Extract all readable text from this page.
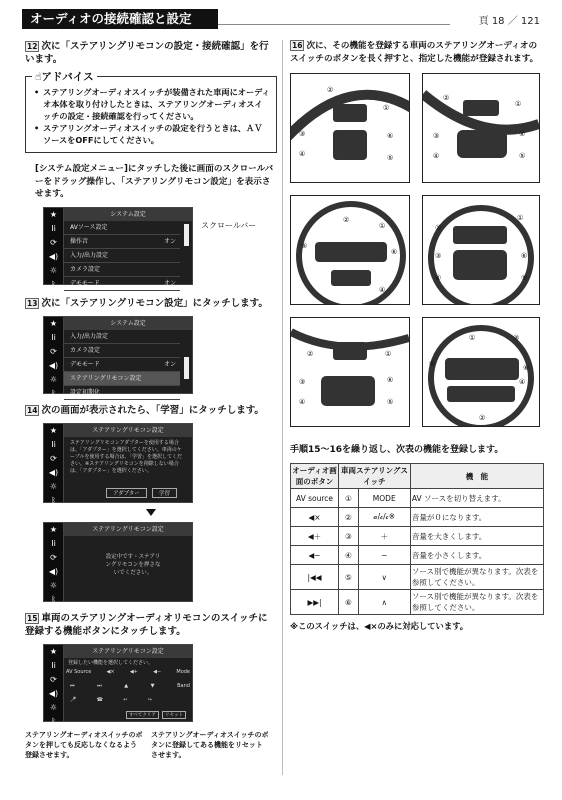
オーディオの接続確認と設定	頁 18 ／ 121
12 次に「ステアリングリモコンの設定・接続確認」を行います。
☝アドバイス
• ステアリングオーディオスイッチが装備された車両にオーディオ本体を取り付けしたときは、ステアリングオーディオスイッチの設定・接続確認を行ってください。
• ステアリングオーディオスイッチの設定を行うときは、ＡＶソースをOFFにしてください。
[システム設定メニュー]にタッチした後に画面のスクロールバーをドラッグ操作し、「ステアリングリモコン設定」を表示させます。
★
Ii
⟳
◀)
☼
ᛒ
システム設定
AVソース設定
操作音	オン
入力/出力設定
カメラ設定
デモモード	オン
スクロールバー
13 次に「ステアリングリモコン設定」にタッチします。
★
Ii
⟳
◀)
☼
ᛒ
システム設定
入力/出力設定
カメラ設定
デモモード	オン
ステアリングリモコン設定
設定初期化
14 次の画面が表示されたら、「学習」にタッチします。
★
Ii
⟳
◀)
☼
ᛒ
ステアリングリモコン設定
ステアリングリモコンアダプターを使用する場合は、「アダプター」を選択してください。車両のケーブルを使用する場合は、「学習」を選択してください。※ステアリングリモコンを削除しない場合は、「アダプター」を選択ください。
アダプター	学習
★
Ii
⟳
◀)
☼
ᛒ
ステアリングリモコン設定
設定中です・ステアリングリモコンを押さないでください。
15 車両のステアリングオーディオリモコンのスイッチに登録する機能ボタンにタッチします。
★
Ii
⟳
◀)
☼
ᛒ
ステアリングリモコン設定
登録したい機能を選択してください。
AV Source	◀×	◀+	◀−	Mode
⏮	⏭	▲	▼	Band
🎤	☎	↩	↪
すべてクリア	リセット
ステアリングオーディオスイッチのボタンを押しても反応しなくなるよう登録させます。
ステアリングオーディオスイッチのボタンに登録してある機能をリセットさせます。
16 次に、その機能を登録する車両のステアリングオーディオのスイッチのボタンを長く押すと、指定した機能が登録されます。
①
②
③
④	⑤
⑥
①
②
③
④	⑤
⑥
①
②
⑤
⑥
④
①
②
③
④	⑤
⑥
①
②
③
④	⑤
⑥
①	③
⑤	⑥
④
②
手順15～16を繰り返し、次表の機能を登録します。
オーディオ画面のボタン	車両ステアリングスイッチ		機　能
AV source	①	MODE	AV ソースを切り替えます。
◀×	②	𝒶/𝒸/𝒸※	音量が０になります。
◀＋	③	＋	音量を大きくします。
◀−	④	−	音量を小さくします。
|◀◀	⑤	∨	ソース別で機能が異なります。次表を参照してください。
▶▶|	⑥	∧	ソース別で機能が異なります。次表を参照してください。
※このスイッチは、◀×のみに対応しています。
